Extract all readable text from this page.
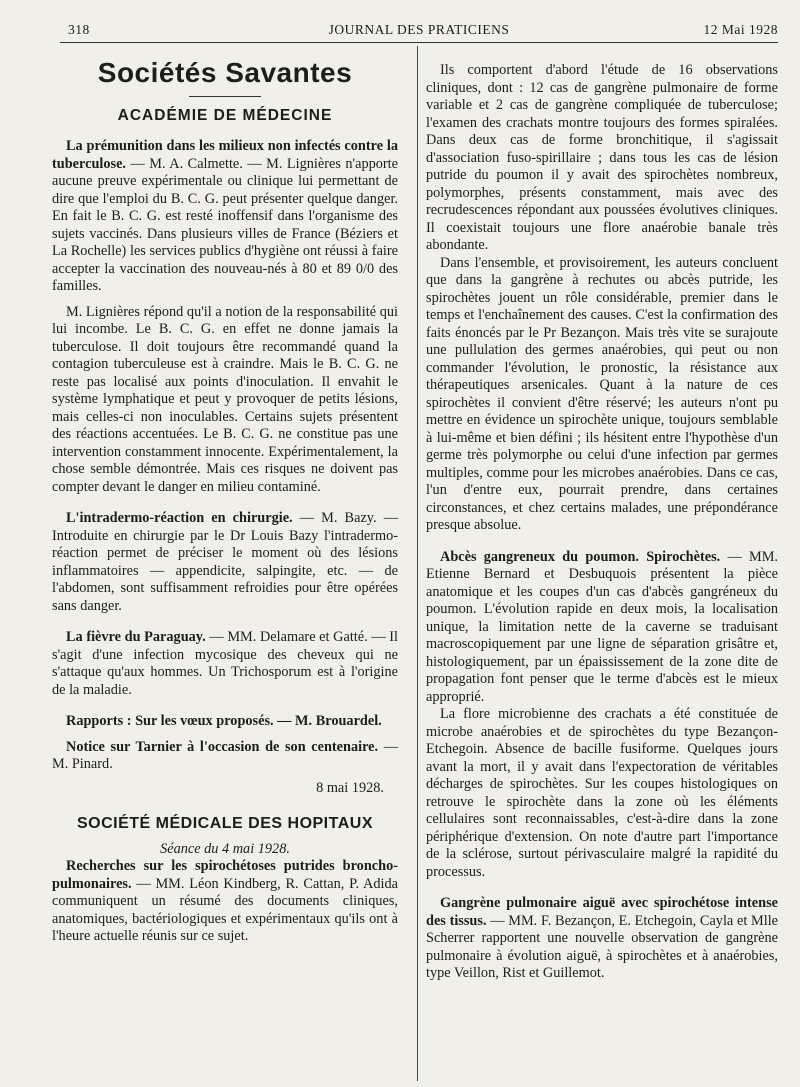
318	JOURNAL DES PRATICIENS	12 Mai 1928
Sociétés Savantes
ACADÉMIE DE MÉDECINE

La prémunition dans les milieux non infectés contre la tuberculose. — M. A. Calmette. — M. Lignières n'apporte aucune preuve expérimentale ou clinique lui permettant de dire que l'emploi du B. C. G. peut présenter quelque danger. En fait le B. C. G. est resté inoffensif dans l'organisme des sujets vaccinés. Dans plusieurs villes de France (Béziers et La Rochelle) les services publics d'hygiène ont réussi à faire accepter la vaccination des nouveau-nés à 80 et 89 0/0 des familles.

M. Lignières répond qu'il a notion de la responsabilité qui lui incombe. Le B. C. G. en effet ne donne jamais la tuberculose. Il doit toujours être recommandé quand la contagion tuberculeuse est à craindre. Mais le B. C. G. ne reste pas localisé aux points d'inoculation. Il envahit le système lymphatique et peut y provoquer de petits lésions, mais celles-ci non inoculables. Certains sujets présentent des réactions accentuées. Le B. C. G. ne constitue pas une intervention constamment innocente. Expérimentalement, la chose semble démontrée. Mais ces risques ne doivent pas compter devant le danger en milieu contaminé.

L'intradermo-réaction en chirurgie. — M. Bazy. — Introduite en chirurgie par le Dr Louis Bazy l'intradermo-réaction permet de préciser le moment où des lésions inflammatoires — appendicite, salpingite, etc. — de l'abdomen, sont suffisamment refroidies pour être opérées sans danger.

La fièvre du Paraguay. — MM. Delamare et Gatté. — Il s'agit d'une infection mycosique des cheveux qui ne s'attaque qu'aux hommes. Un Trichosporum est à l'origine de la maladie.

Rapports : Sur les vœux proposés. — M. Brouardel.

Notice sur Tarnier à l'occasion de son centenaire. — M. Pinard.

8 mai 1928.

SOCIÉTÉ MÉDICALE DES HOPITAUX

Séance du 4 mai 1928.

Recherches sur les spirochétoses putrides broncho-pulmonaires. — MM. Léon Kindberg, R. Cattan, P. Adida communiquent un résumé des documents cliniques, anatomiques, bactériologiques et expérimentaux qu'ils ont à l'heure actuelle réunis sur ce sujet.

Ils comportent d'abord l'étude de 16 observations cliniques, dont : 12 cas de gangrène pulmonaire de forme variable et 2 cas de gangrène compliquée de tuberculose; l'examen des crachats montre toujours des formes spiralées. Dans deux cas de forme bronchitique, il s'agissait d'association fuso-spirillaire ; dans tous les cas de lésion putride du poumon il y avait des spirochètes nombreux, polymorphes, présents constamment, mais avec des recrudescences répondant aux poussées évolutives cliniques. Il coexistait toujours une flore anaérobie banale très abondante.

Dans l'ensemble, et provisoirement, les auteurs concluent que dans la gangrène à rechutes ou abcès putride, les spirochètes jouent un rôle considérable, premier dans le temps et l'enchaînement des causes. C'est la confirmation des faits énoncés par le Pr Bezançon. Mais très vite se surajoute une pullulation des germes anaérobies, qui peut ou non commander l'évolution, le pronostic, la résistance aux thérapeutiques arsenicales. Quant à la nature de ces spirochètes il convient d'être réservé; les auteurs n'ont pu mettre en évidence un spirochète unique, toujours semblable à lui-même et bien défini ; ils hésitent entre l'hypothèse d'un germe très polymorphe ou celui d'une infection par germes multiples, comme pour les microbes anaérobies. Dans ce cas, l'un d'entre eux, pourrait prendre, dans certaines circonstances, et chez certains malades, une prépondérance presque absolue.

Abcès gangreneux du poumon. Spirochètes. — MM. Etienne Bernard et Desbuquois présentent la pièce anatomique et les coupes d'un cas d'abcès gangréneux du poumon. L'évolution rapide en deux mois, la localisation unique, la limitation nette de la caverne se traduisant macroscopiquement par une ligne de séparation grisâtre et, histologiquement, par un épaississement de la zone dite de propagation font penser que le terme d'abcès est le mieux approprié.

La flore microbienne des crachats a été constituée de microbe anaérobies et de spirochètes du type Bezançon-Etchegoin. Absence de bacille fusiforme. Quelques jours avant la mort, il y avait dans l'expectoration de véritables décharges de spirochètes. Sur les coupes histologiques on retrouve le spirochète dans la zone où les éléments cellulaires sont reconnaissables, c'est-à-dire dans la zone périphérique d'extension. On note d'autre part l'importance de la sclérose, surtout périvasculaire malgré la rapidité du processus.

Gangrène pulmonaire aiguë avec spirochétose intense des tissus. — MM. F. Bezançon, E. Etchegoin, Cayla et Mlle Scherrer rapportent une nouvelle observation de gangrène pulmonaire à évolution aiguë, à spirochètes et à anaérobies, type Veillon, Rist et Guillemot.
